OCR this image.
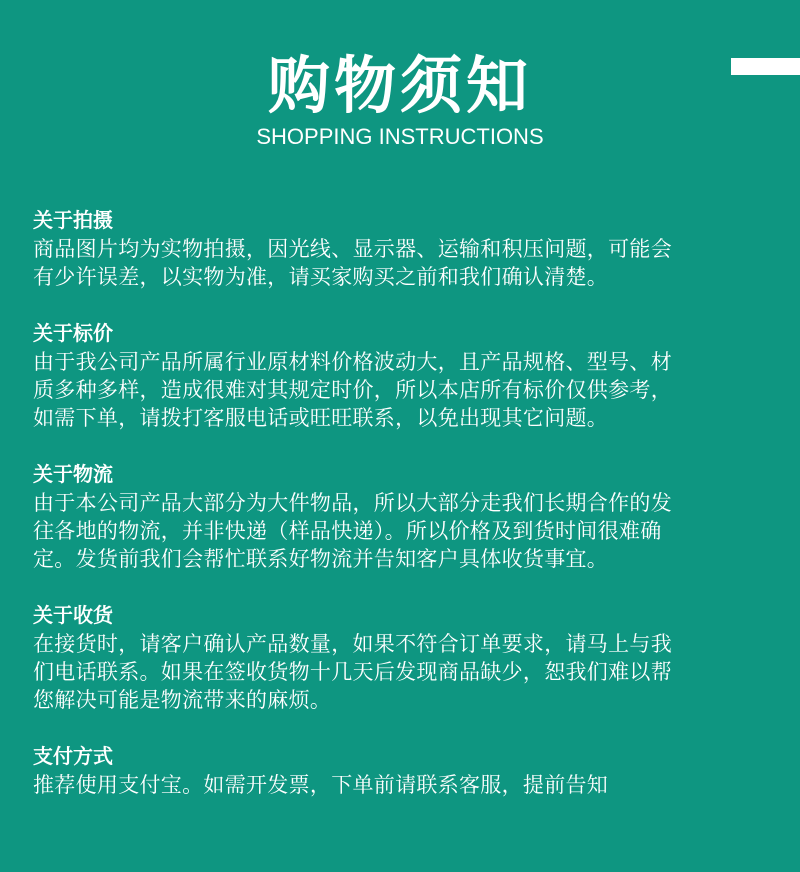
购物须知
SHOPPING INSTRUCTIONS
关于拍摄
商品图片均为实物拍摄，因光线、显示器、运输和积压问题，可能会
有少许误差，以实物为准，请买家购买之前和我们确认清楚。
关于标价
由于我公司产品所属行业原材料价格波动大，且产品规格、型号、材
质多种多样，造成很难对其规定时价，所以本店所有标价仅供参考，
如需下单，请拨打客服电话或旺旺联系，以免出现其它问题。
关于物流
由于本公司产品大部分为大件物品，所以大部分走我们长期合作的发
往各地的物流，并非快递（样品快递）。所以价格及到货时间很难确
定。发货前我们会帮忙联系好物流并告知客户具体收货事宜。
关于收货
在接货时，请客户确认产品数量，如果不符合订单要求，请马上与我
们电话联系。如果在签收货物十几天后发现商品缺少，恕我们难以帮
您解决可能是物流带来的麻烦。
支付方式
推荐使用支付宝。如需开发票，下单前请联系客服，提前告知
